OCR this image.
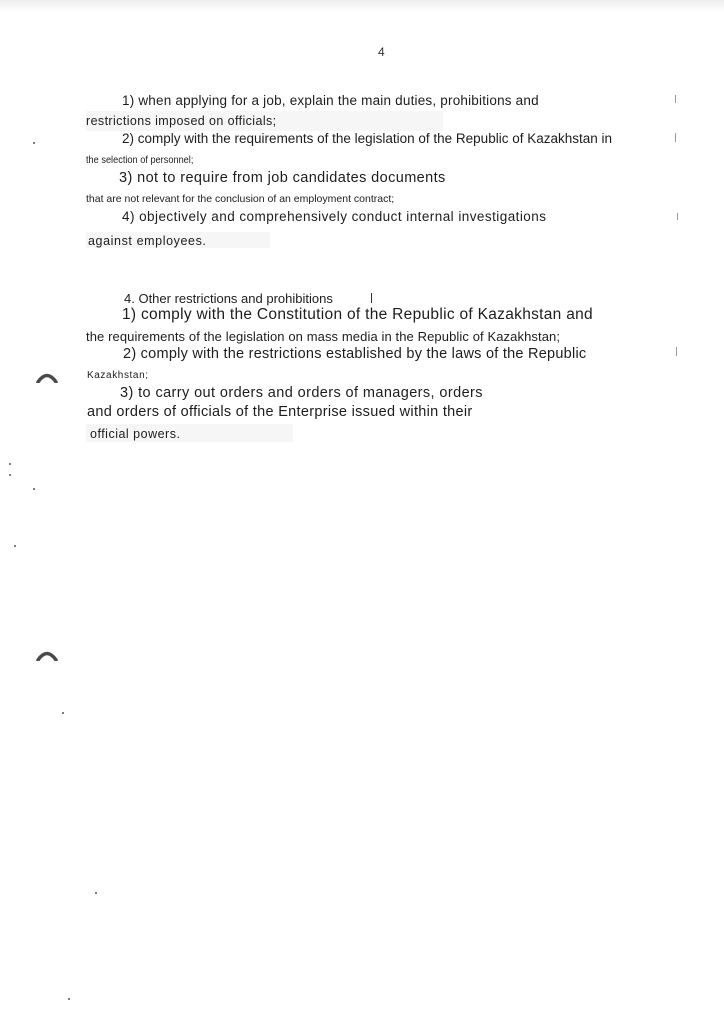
4
1) when applying for a job, explain the main duties, prohibitions and
restrictions imposed on officials;
2) comply with the requirements of the legislation of the Republic of Kazakhstan in
the selection of personnel;
3) not to require from job candidates documents
that are not relevant for the conclusion of an employment contract;
4) objectively and comprehensively conduct internal investigations
against employees.
4. Other restrictions and prohibitions
1) comply with the Constitution of the Republic of Kazakhstan and
the requirements of the legislation on mass media in the Republic of Kazakhstan;
2) comply with the restrictions established by the laws of the Republic
Kazakhstan;
3) to carry out orders and orders of managers, orders
and orders of officials of the Enterprise issued within their
official powers.
